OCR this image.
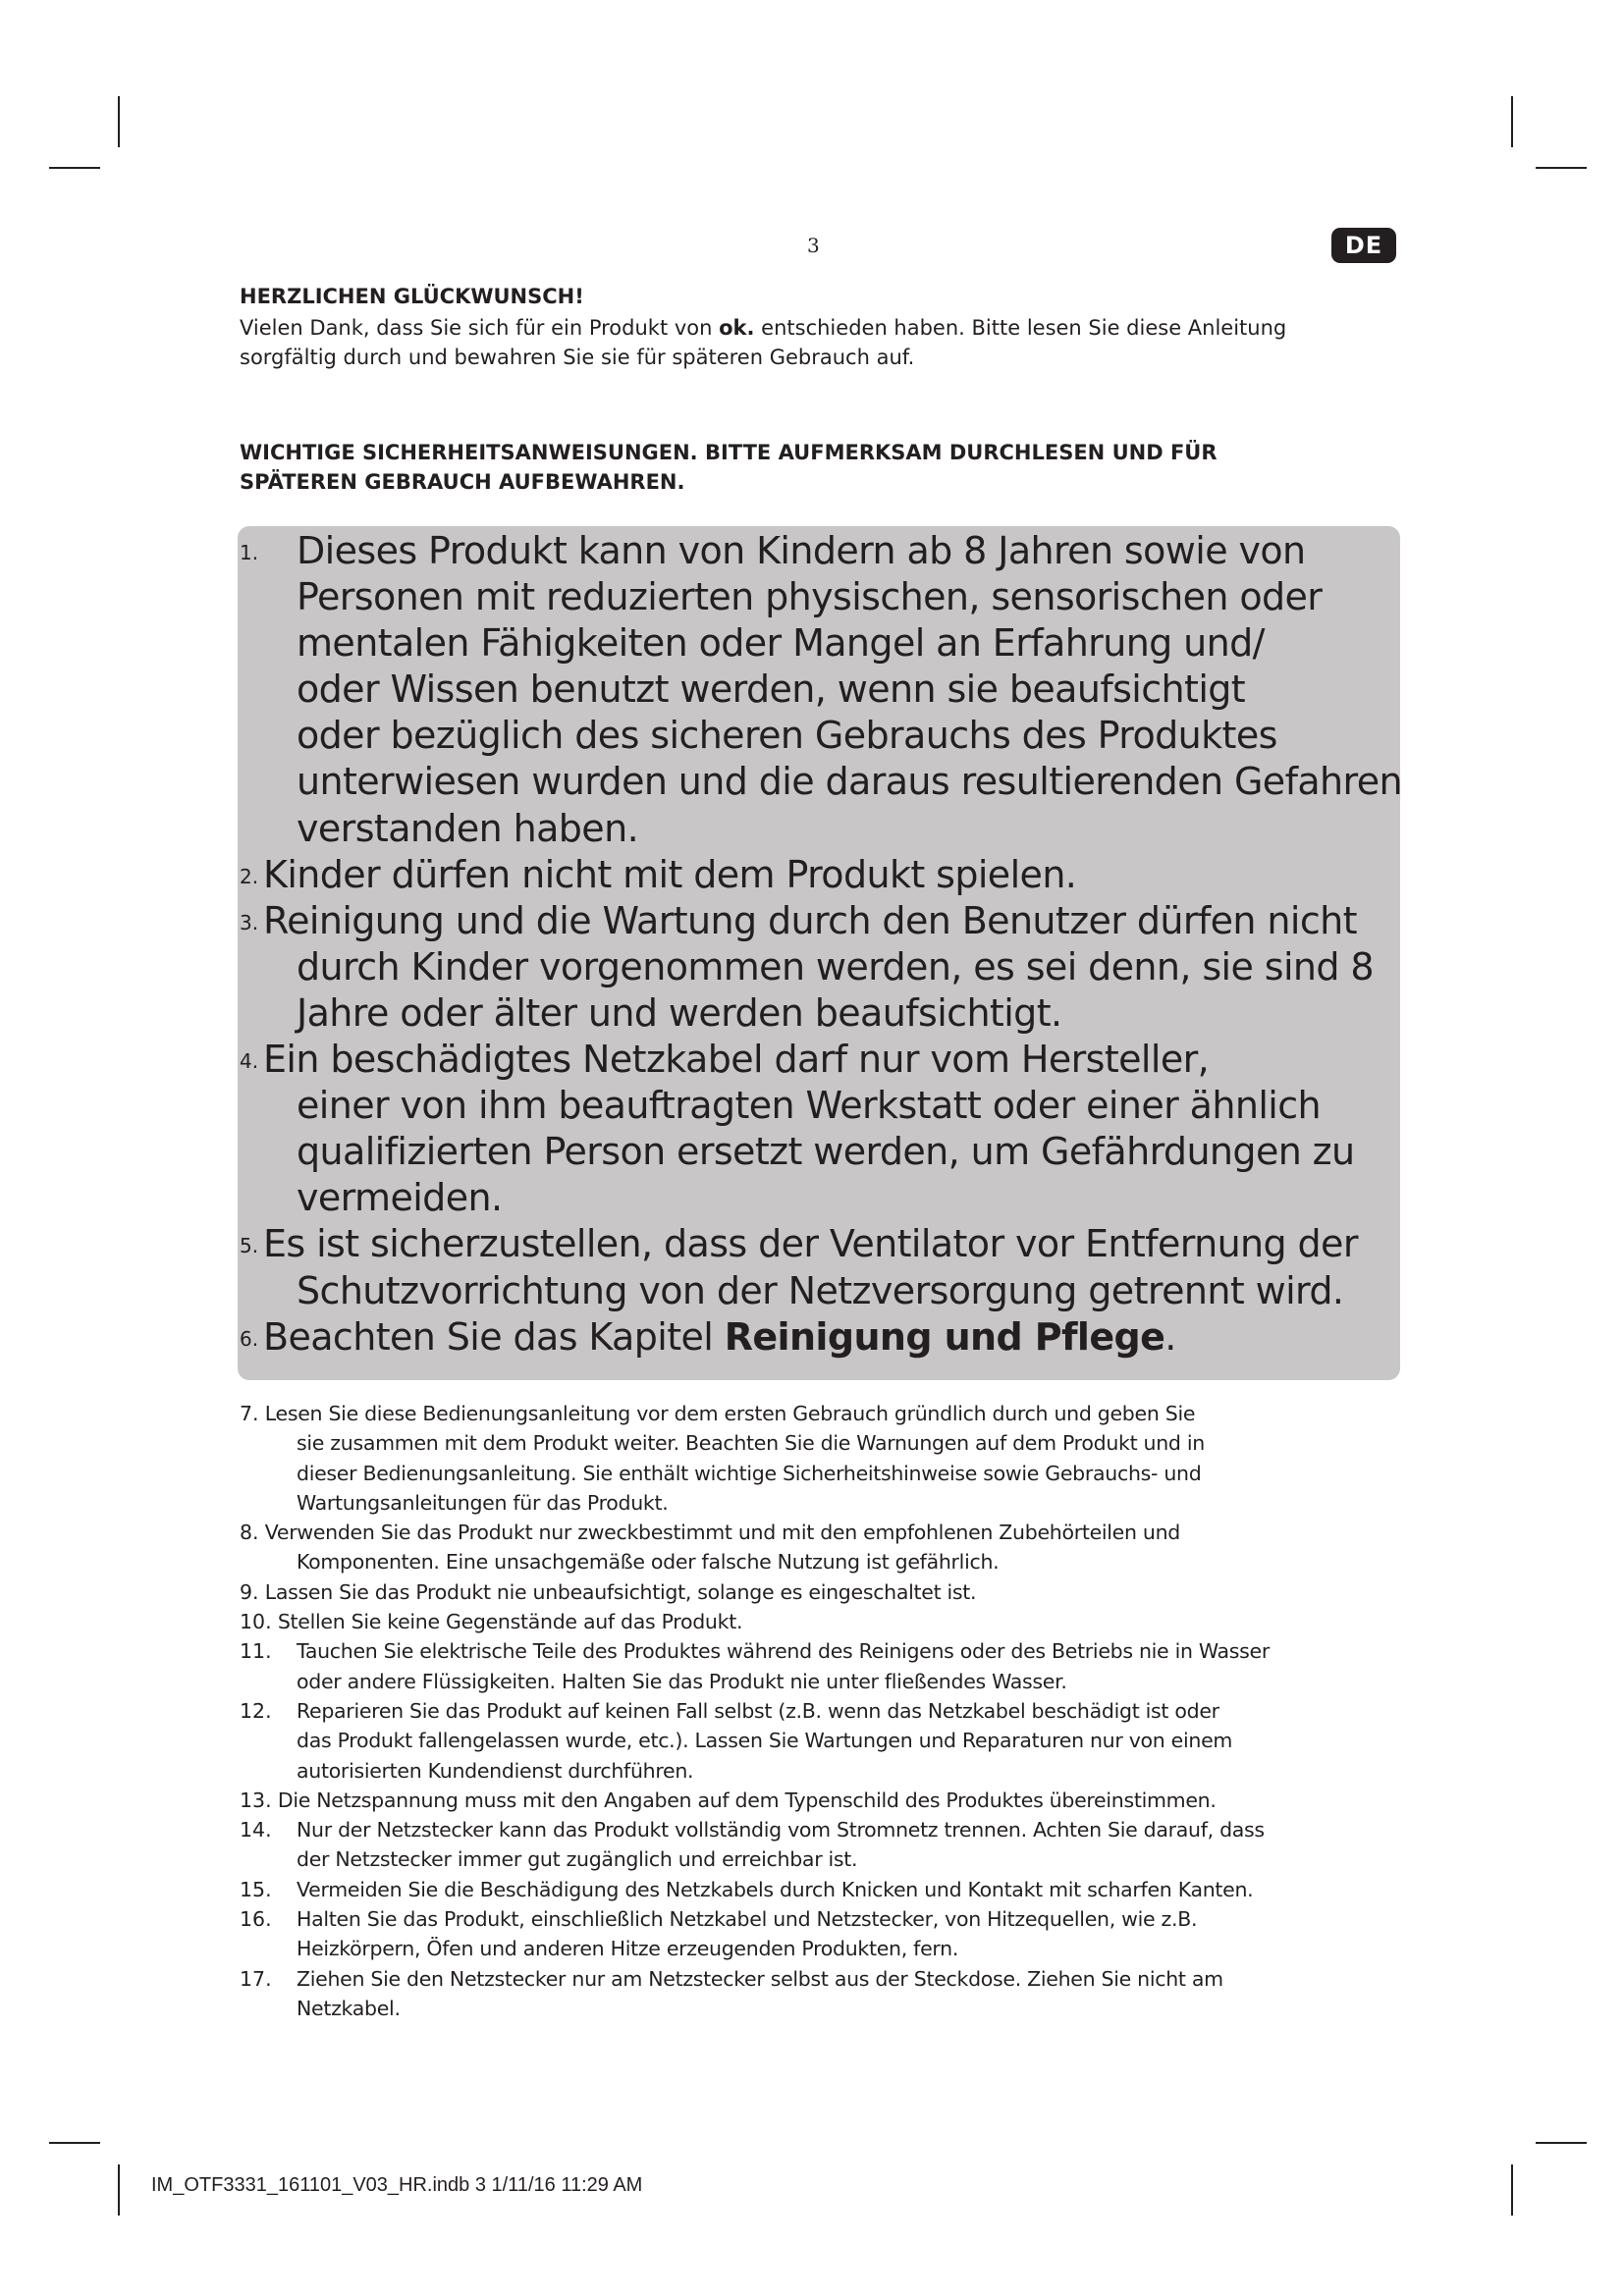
3	DE
HERZLICHEN GLÜCKWUNSCH!
Vielen Dank, dass Sie sich für ein Produkt von ok. entschieden haben. Bitte lesen Sie diese Anleitung
sorgfältig durch und bewahren Sie sie für späteren Gebrauch auf.
WICHTIGE SICHERHEITSANWEISUNGEN. BITTE AUFMERKSAM DURCHLESEN UND FÜR
SPÄTEREN GEBRAUCH AUFBEWAHREN.
1. Dieses Produkt kann von Kindern ab 8 Jahren sowie von
Personen mit reduzierten physischen, sensorischen oder
mentalen Fähigkeiten oder Mangel an Erfahrung und/
oder Wissen benutzt werden, wenn sie beaufsichtigt
oder bezüglich des sicheren Gebrauchs des Produktes
unterwiesen wurden und die daraus resultierenden Gefahren
verstanden haben.
2. Kinder dürfen nicht mit dem Produkt spielen.
3. Reinigung und die Wartung durch den Benutzer dürfen nicht
durch Kinder vorgenommen werden, es sei denn, sie sind 8
Jahre oder älter und werden beaufsichtigt.
4. Ein beschädigtes Netzkabel darf nur vom Hersteller,
einer von ihm beauftragten Werkstatt oder einer ähnlich
qualifizierten Person ersetzt werden, um Gefährdungen zu
vermeiden.
5. Es ist sicherzustellen, dass der Ventilator vor Entfernung der
Schutzvorrichtung von der Netzversorgung getrennt wird.
6. Beachten Sie das Kapitel Reinigung und Pflege.
7. Lesen Sie diese Bedienungsanleitung vor dem ersten Gebrauch gründlich durch und geben Sie
sie zusammen mit dem Produkt weiter. Beachten Sie die Warnungen auf dem Produkt und in
dieser Bedienungsanleitung. Sie enthält wichtige Sicherheitshinweise sowie Gebrauchs- und
Wartungsanleitungen für das Produkt.
8. Verwenden Sie das Produkt nur zweckbestimmt und mit den empfohlenen Zubehörteilen und
Komponenten. Eine unsachgemäße oder falsche Nutzung ist gefährlich.
9. Lassen Sie das Produkt nie unbeaufsichtigt, solange es eingeschaltet ist.
10. Stellen Sie keine Gegenstände auf das Produkt.
11. Tauchen Sie elektrische Teile des Produktes während des Reinigens oder des Betriebs nie in Wasser
oder andere Flüssigkeiten. Halten Sie das Produkt nie unter fließendes Wasser.
12. Reparieren Sie das Produkt auf keinen Fall selbst (z.B. wenn das Netzkabel beschädigt ist oder
das Produkt fallengelassen wurde, etc.). Lassen Sie Wartungen und Reparaturen nur von einem
autorisierten Kundendienst durchführen.
13. Die Netzspannung muss mit den Angaben auf dem Typenschild des Produktes übereinstimmen.
14. Nur der Netzstecker kann das Produkt vollständig vom Stromnetz trennen. Achten Sie darauf, dass
der Netzstecker immer gut zugänglich und erreichbar ist.
15. Vermeiden Sie die Beschädigung des Netzkabels durch Knicken und Kontakt mit scharfen Kanten.
16. Halten Sie das Produkt, einschließlich Netzkabel und Netzstecker, von Hitzequellen, wie z.B.
Heizkörpern, Öfen und anderen Hitze erzeugenden Produkten, fern.
17. Ziehen Sie den Netzstecker nur am Netzstecker selbst aus der Steckdose. Ziehen Sie nicht am
Netzkabel.
IM_OTF3331_161101_V03_HR.indb 3 1/11/16 11:29 AM
